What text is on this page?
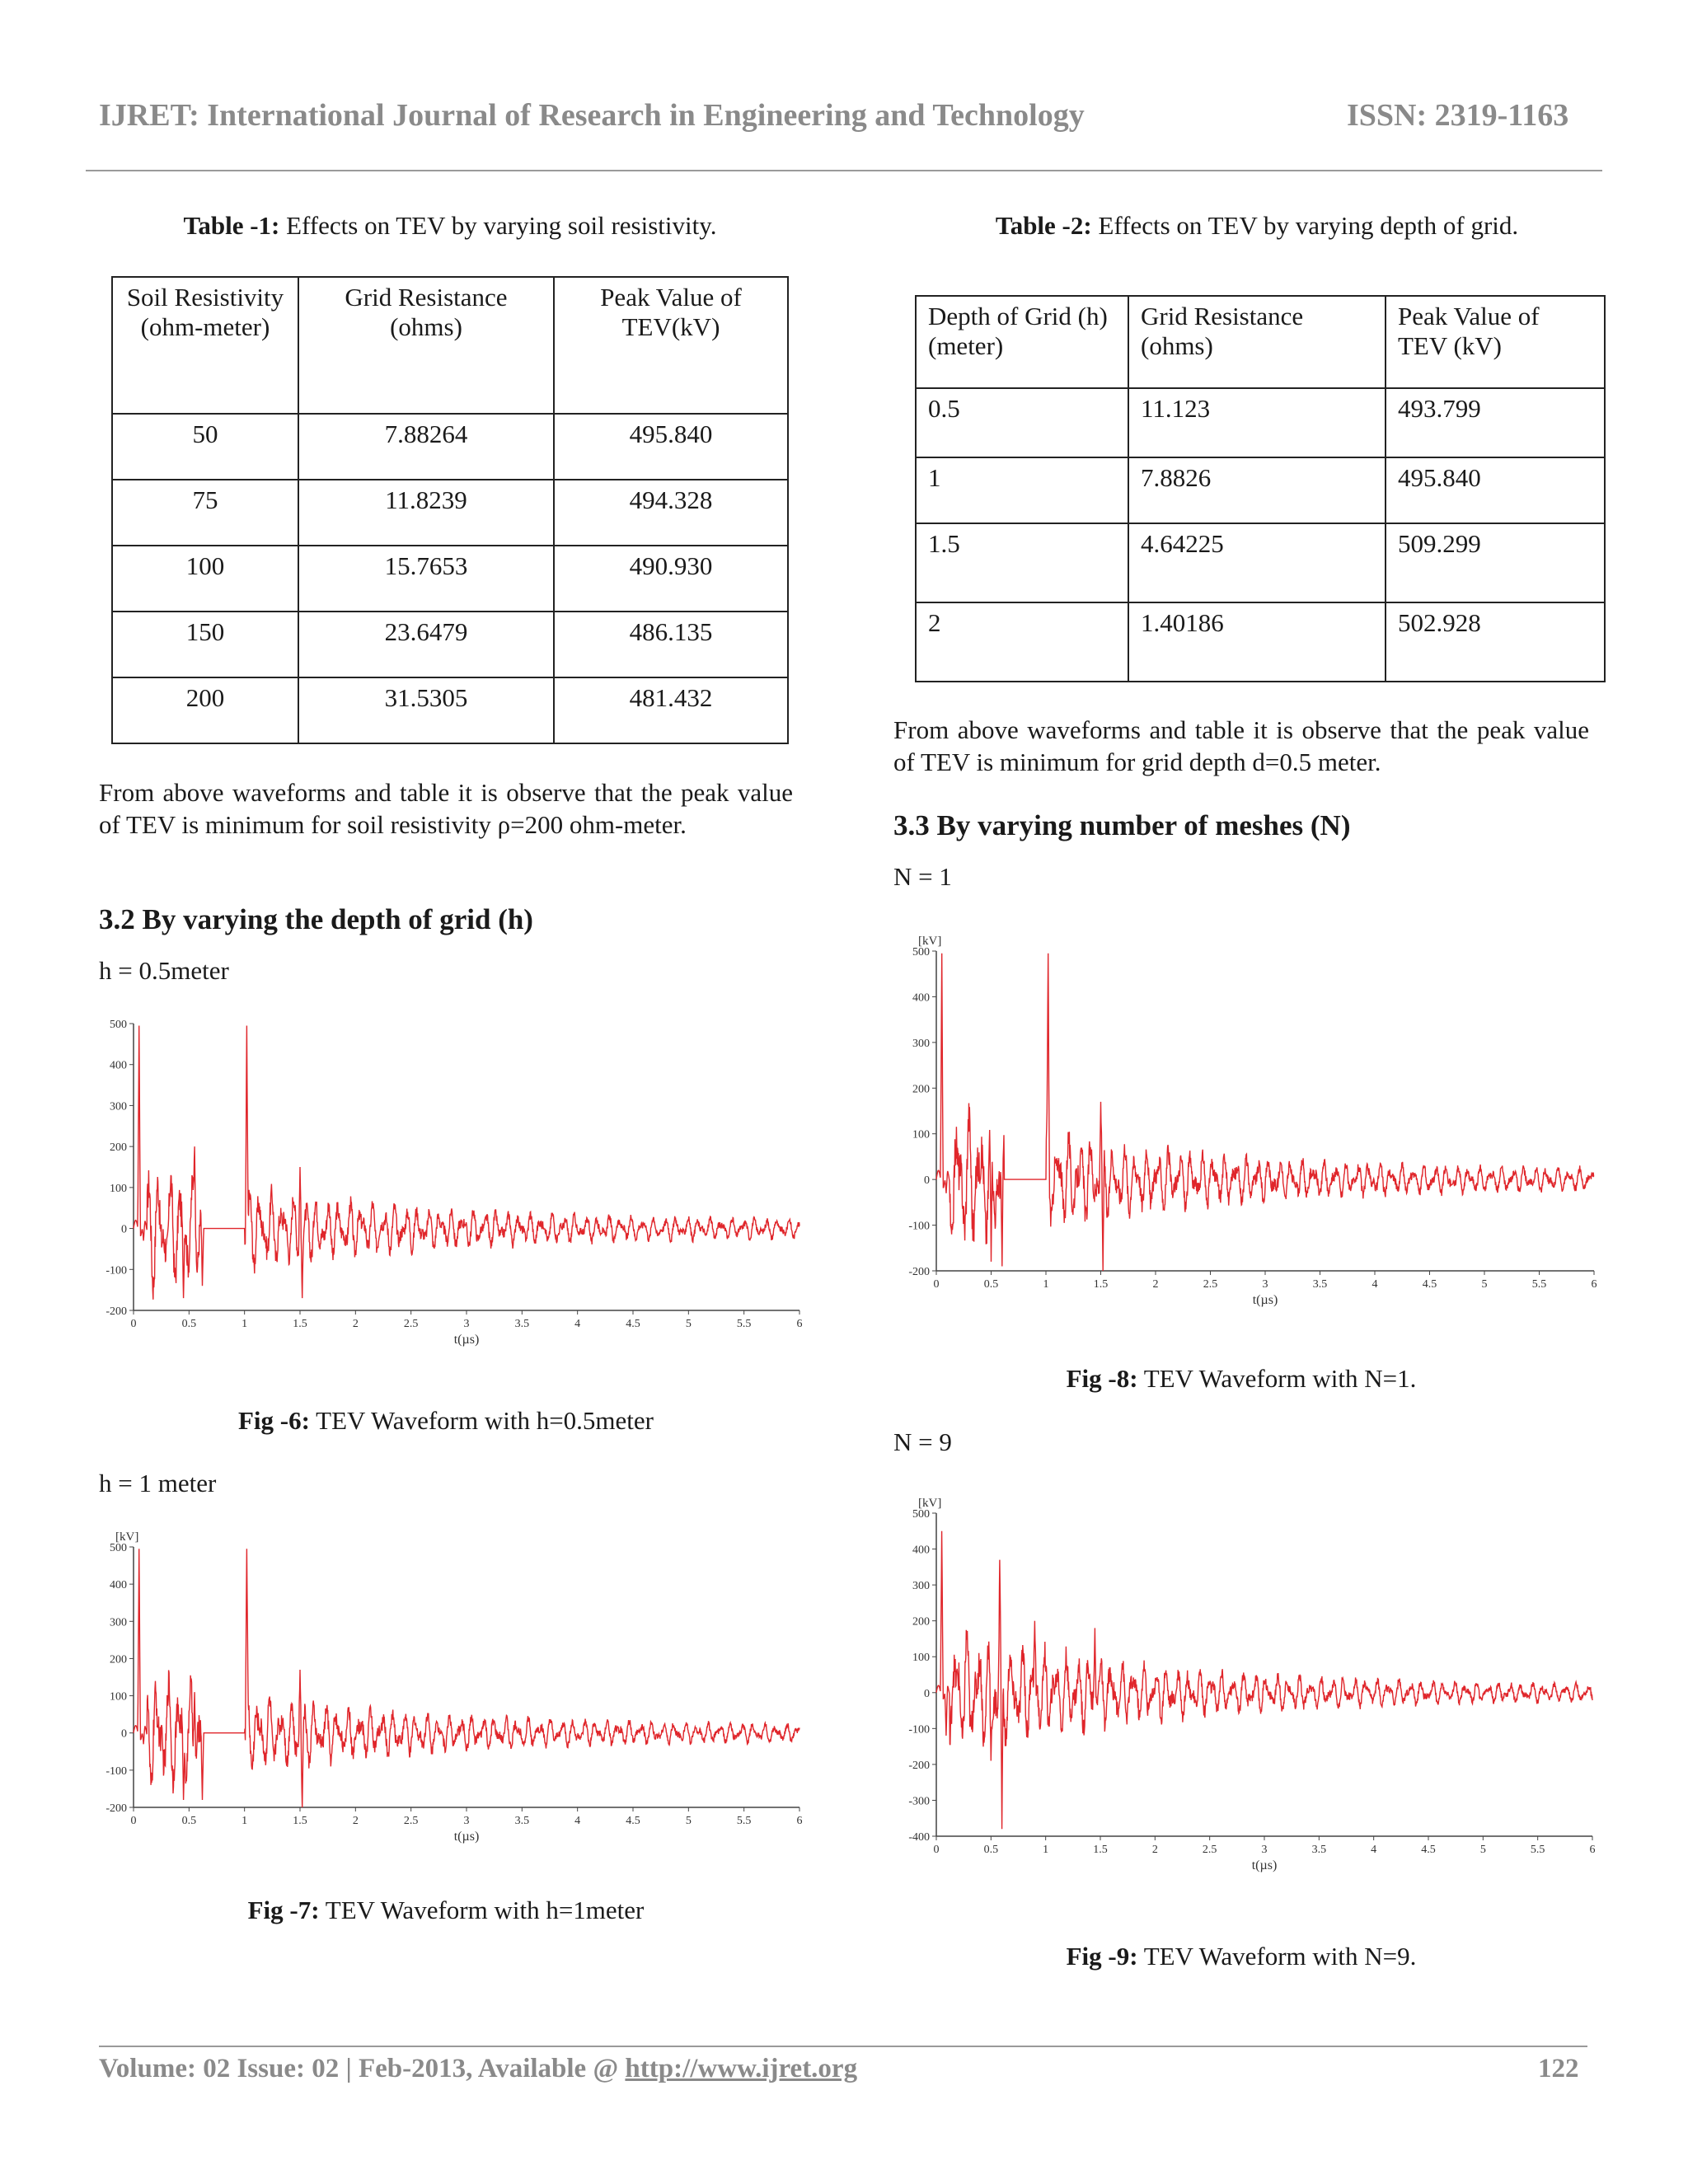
IJRET: International Journal of Research in Engineering and Technology	ISSN: 2319-1163
Table -1: Effects on TEV by varying soil resistivity.
Soil Resistivity (ohm-meter)	Grid Resistance (ohms)	Peak Value of TEV(kV)
50	7.88264	495.840
75	11.8239	494.328
100	15.7653	490.930
150	23.6479	486.135
200	31.5305	481.432
Table -2: Effects on TEV by varying depth of grid.
Depth of Grid (h) (meter)	Grid Resistance (ohms)	Peak Value of TEV (kV)
0.5	11.123	493.799
1	7.8826	495.840
1.5	4.64225	509.299
2	1.40186	502.928
From above waveforms and table it is observe that the peak value of TEV is minimum for soil resistivity ρ=200 ohm-meter.
3.2 By varying the depth of grid (h)
h = 0.5meter
500
400
300
200
100
0
-100
-200
0	0.5	1	1.5	2	2.5	3	3.5	4	4.5	5	5.5	6
t(µs)
Fig -6: TEV Waveform with h=0.5meter
h = 1 meter
500
400
300
200
100
0
-100
-200
0	0.5	1	1.5	2	2.5	3	3.5	4	4.5	5	5.5	6
[kV]
t(µs)
Fig -7: TEV Waveform with h=1meter
From above waveforms and table it is observe that the peak value of TEV is minimum for grid depth d=0.5 meter.
3.3 By varying number of meshes (N)
N = 1
500
400
300
200
100
0
-100
-200
0	0.5	1	1.5	2	2.5	3	3.5	4	4.5	5	5.5	6
[kV]
t(µs)
Fig -8: TEV Waveform with N=1.
N = 9
500
400
300
200
100
0
-100
-200
-300
-400
0	0.5	1	1.5	2	2.5	3	3.5	4	4.5	5	5.5	6
[kV]
t(µs)
Fig -9: TEV Waveform with N=9.
Volume: 02 Issue: 02 | Feb-2013, Available @ http://www.ijret.org	122
